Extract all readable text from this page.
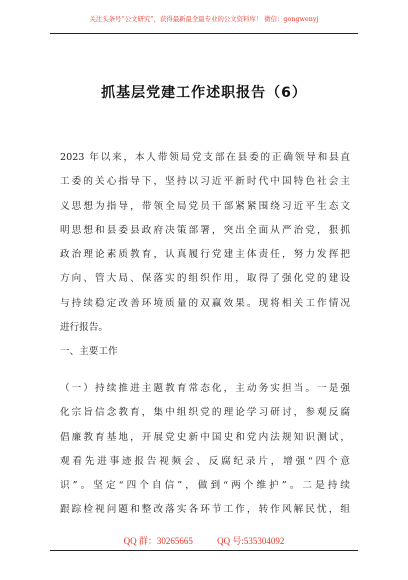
关注头条号“公文研究”，获得最新最全最专业的公文资料库！ 微信：gongwenyj
抓基层党建工作述职报告（6）
2023 年以来，本人带领局党支部在县委的正确领导和县直
工委的关心指导下，坚持以习近平新时代中国特色社会主
义思想为指导，带领全局党员干部紧紧围绕习近平生态文
明思想和县委县政府决策部署，突出全面从严治党，狠抓
政治理论素质教育，认真履行党建主体责任，努力发挥把
方向、管大局、保落实的组织作用，取得了强化党的建设
与持续稳定改善环境质量的双赢效果。现将相关工作情况
进行报告。
一、主要工作
（一）持续推进主题教育常态化，主动务实担当。一是强
化宗旨信念教育，集中组织党的理论学习研讨，参观反腐
倡廉教育基地，开展党史新中国史和党内法规知识测试，
观看先进事迹报告视频会、反腐纪录片，增强“四个意
识”。坚定“四个自信”，做到“两个维护”。二是持续
跟踪检视问题和整改落实各环节工作，转作风解民忧，组
QQ 群：30265665	QQ 号:535304092
